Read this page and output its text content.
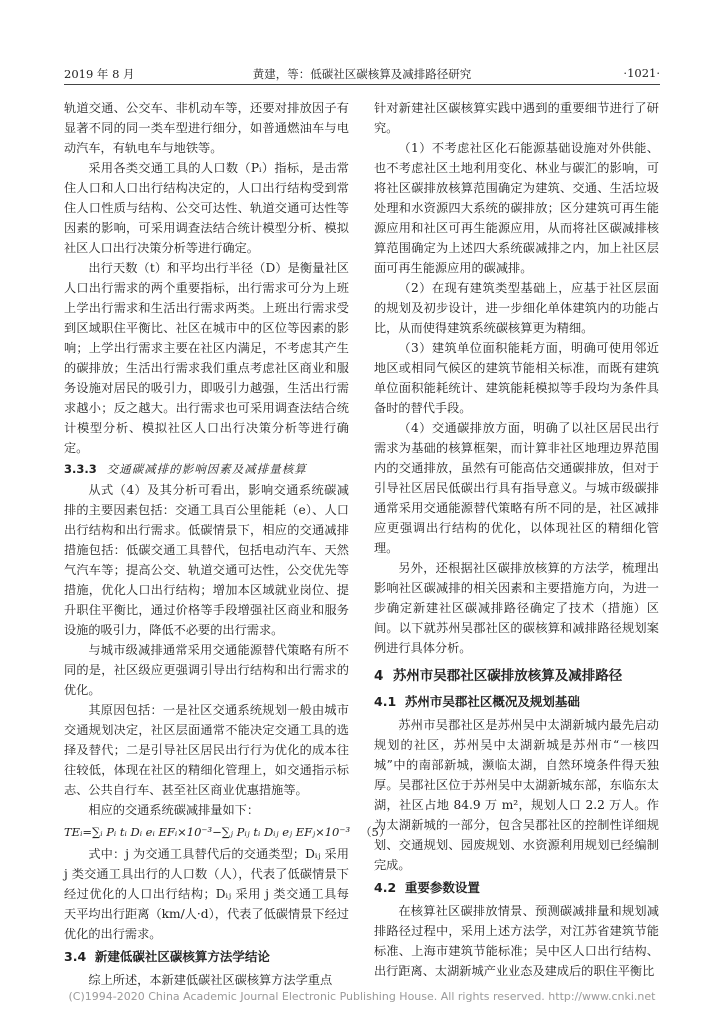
2019 年 8 月	黄建，等：低碳社区碳核算及减排路径研究	·1021·

轨道交通、公交车、非机动车等，还要对排放因子有显著不同的同一类车型进行细分，如普通燃油车与电动汽车，有轨电车与地铁等。

采用各类交通工具的人口数（Pᵢ）指标，是击常住人口和人口出行结构决定的，人口出行结构受到常住人口性质与结构、公交可达性、轨道交通可达性等因素的影响，可采用调查法结合统计模型分析、模拟社区人口出行决策分析等进行确定。

出行天数（t）和平均出行半径（D）是衡量社区人口出行需求的两个重要指标，出行需求可分为上班上学出行需求和生活出行需求两类。上班出行需求受到区域职住平衡比、社区在城市中的区位等因素的影响；上学出行需求主要在社区内满足，不考虑其产生的碳排放；生活出行需求我们重点考虑社区商业和服务设施对居民的吸引力，即吸引力越强，生活出行需求越小；反之越大。出行需求也可采用调查法结合统计模型分析、模拟社区人口出行决策分析等进行确定。

3.3.3 交通碳减排的影响因素及减排量核算

从式（4）及其分析可看出，影响交通系统碳减排的主要因素包括：交通工具百公里能耗（e）、人口出行结构和出行需求。低碳情景下，相应的交通减排措施包括：低碳交通工具替代，包括电动汽车、天然气汽车等；提高公交、轨道交通可达性，公交优先等措施，优化人口出行结构；增加本区域就业岗位、提升职住平衡比，通过价格等手段增强社区商业和服务设施的吸引力，降低不必要的出行需求。

与城市级减排通常采用交通能源替代策略有所不同的是，社区级应更强调引导出行结构和出行需求的优化。

其原因包括：一是社区交通系统规划一般由城市交通规划决定，社区层面通常不能决定交通工具的选择及替代；二是引导社区居民出行行为优化的成本往往较低，体现在社区的精细化管理上，如交通指示标志、公共自行车、甚至社区商业优惠措施等。

相应的交通系统碳减排量如下：

TEᵢ=∑ᵢ Pᵢ tᵢ Dᵢ eᵢ EFᵢ×10⁻³−∑ⱼ Pᵢⱼ tᵢ Dᵢⱼ eⱼ EFⱼ×10⁻³ （5）

式中：j 为交通工具替代后的交通类型；Dᵢⱼ 采用 j 类交通工具出行的人口数（人），代表了低碳情景下经过优化的人口出行结构；Dᵢⱼ 采用 j 类交通工具每天平均出行距离（km/人·d），代表了低碳情景下经过优化的出行需求。

3.4 新建低碳社区碳核算方法学结论

综上所述，本新建低碳社区碳核算方法学重点

针对新建社区碳核算实践中遇到的重要细节进行了研究。

（1）不考虑社区化石能源基础设施对外供能、也不考虑社区土地利用变化、林业与碳汇的影响，可将社区碳排放核算范围确定为建筑、交通、生活垃圾处理和水资源四大系统的碳排放；区分建筑可再生能源应用和社区可再生能源应用，从而将社区碳减排核算范围确定为上述四大系统碳减排之内，加上社区层面可再生能源应用的碳减排。

（2）在现有建筑类型基础上，应基于社区层面的规划及初步设计，进一步细化单体建筑内的功能占比，从而使得建筑系统碳核算更为精细。

（3）建筑单位面积能耗方面，明确可使用邻近地区或相同气候区的建筑节能相关标准，而既有建筑单位面积能耗统计、建筑能耗模拟等手段均为条件具备时的替代手段。

（4）交通碳排放方面，明确了以社区居民出行需求为基础的核算框架，而计算非社区地理边界范围内的交通排放，虽然有可能高估交通碳排放，但对于引导社区居民低碳出行具有指导意义。与城市级碳排通常采用交通能源替代策略有所不同的是，社区减排应更强调出行结构的优化，以体现社区的精细化管理。

另外，还根据社区碳排放核算的方法学，梳理出影响社区碳减排的相关因素和主要措施方向，为进一步确定新建社区碳减排路径确定了技术（措施）区间。以下就苏州吴郡社区的碳核算和减排路径规划案例进行具体分析。

4 苏州市吴郡社区碳排放核算及减排路径
4.1 苏州市吴郡社区概况及规划基础

苏州市吴郡社区是苏州吴中太湖新城内最先启动规划的社区，苏州吴中太湖新城是苏州市“一核四城”中的南部新城，濒临太湖，自然环境条件得天独厚。吴郡社区位于苏州吴中太湖新城东部，东临东太湖，社区占地 84.9 万 m²，规划人口 2.2 万人。作为太湖新城的一部分，包含吴郡社区的控制性详细规划、交通规划、园废规划、水资源利用规划已经编制完成。

4.2 重要参数设置

在核算社区碳排放情景、预测碳减排量和规划减排路径过程中，采用上述方法学，对江苏省建筑节能标准、上海市建筑节能标准；吴中区人口出行结构、出行距离、太湖新城产业业态及建成后的职住平衡比

(C)1994-2020 China Academic Journal Electronic Publishing House. All rights reserved. http://www.cnki.net
